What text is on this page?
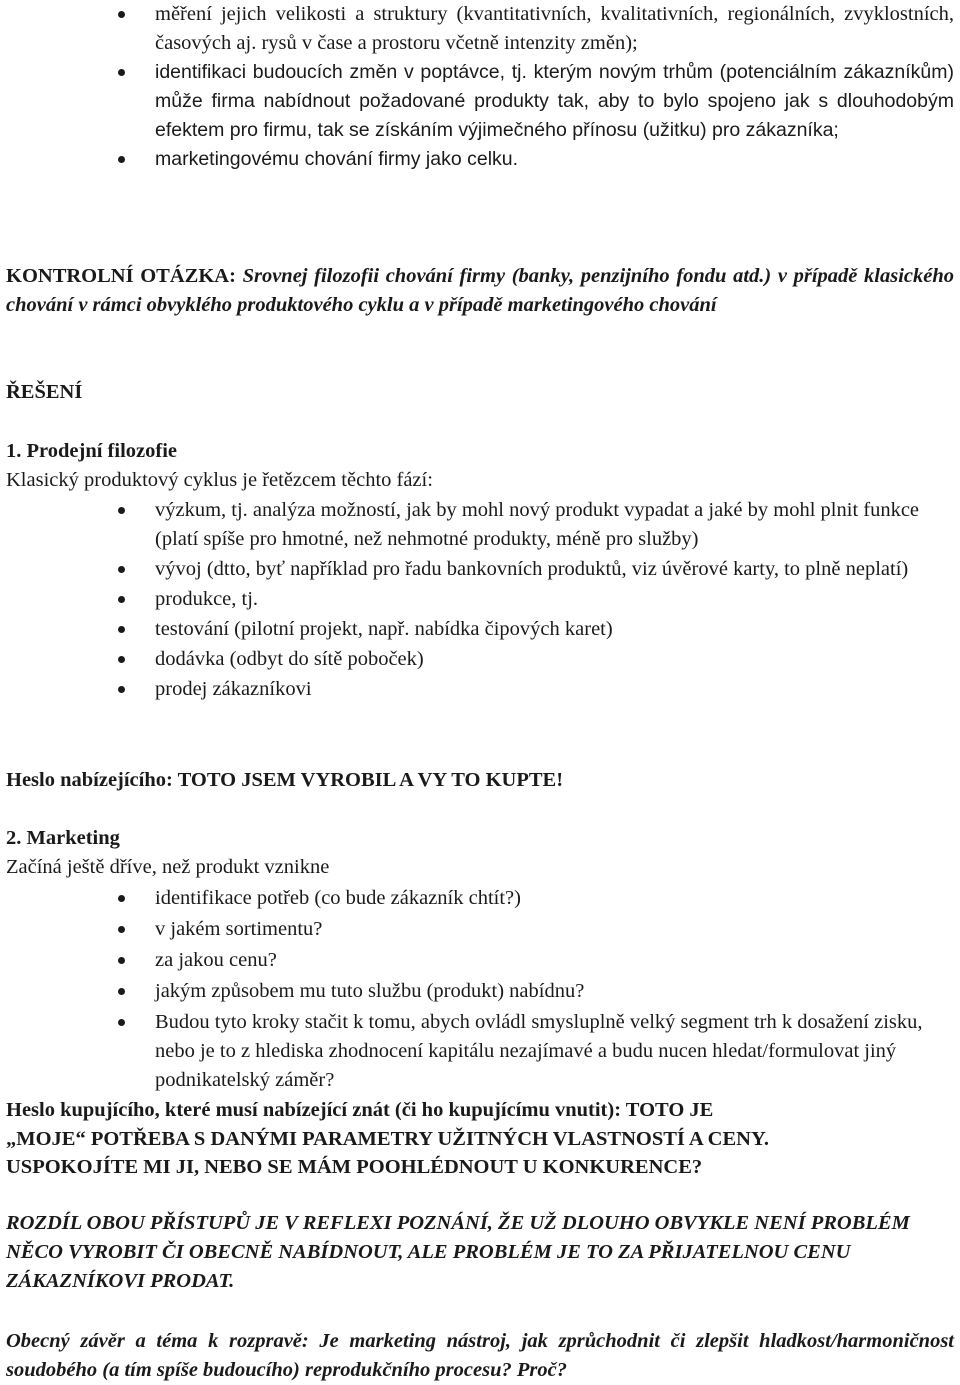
měření jejich velikosti a struktury (kvantitativních, kvalitativních, regionálních, zvyklostních, časových aj. rysů v čase a prostoru včetně intenzity změn);
identifikaci budoucích změn v poptávce, tj. kterým novým trhům (potenciálním zákazníkům) může firma nabídnout požadované produkty tak, aby to bylo spojeno jak s dlouhodobým efektem pro firmu, tak se získáním výjimečného přínosu (užitku) pro zákazníka;
marketingovému chování firmy jako celku.
KONTROLNÍ OTÁZKA: Srovnej filozofii chování firmy (banky, penzijního fondu atd.) v případě klasického chování v rámci obvyklého produktového cyklu a v případě marketingového chování
ŘEŠENÍ
1. Prodejní filozofie
Klasický produktový cyklus je řetězcem těchto fází:
výzkum, tj. analýza možností, jak by mohl nový produkt vypadat a jaké by mohl plnit funkce (platí spíše pro hmotné, než nehmotné produkty, méně pro služby)
vývoj (dtto, byť například pro řadu bankovních produktů, viz úvěrové karty, to plně neplatí)
produkce, tj.
testování (pilotní projekt, např. nabídka čipových karet)
dodávka (odbyt do sítě poboček)
prodej zákazníkovi
Heslo nabízejícího: TOTO JSEM VYROBIL A VY TO KUPTE!
2. Marketing
Začíná ještě dříve, než produkt vznikne
identifikace potřeb (co bude zákazník chtít?)
v jakém sortimentu?
za jakou cenu?
jakým způsobem mu tuto službu (produkt) nabídnu?
Budou tyto kroky stačit k tomu, abych ovládl smysluplně velký segment trh k dosažení zisku, nebo je to z hlediska zhodnocení kapitálu nezajímavé a budu nucen hledat/formulovat jiný podnikatelský záměr?
Heslo kupujícího, které musí nabízející znát (či ho kupujícímu vnutit): TOTO JE
„MOJE“ POTŘEBA S DANÝMI PARAMETRY UŽITNÝCH VLASTNOSTÍ A CENY.
USPOKOJÍTE MI JI, NEBO SE MÁM POOHLÉDNOUT U KONKURENCE?
ROZDÍL OBOU PŘÍSTUPŮ JE V REFLEXI POZNÁNÍ, ŽE UŽ DLOUHO OBVYKLE NENÍ PROBLÉM NĚCO VYROBIT ČI OBECNĚ NABÍDNOUT, ALE PROBLÉM JE TO ZA PŘIJATELNOU CENU ZÁKAZNÍKOVI PRODAT.
Obecný závěr a téma k rozpravě: Je marketing nástroj, jak zprůchodnit či zlepšit hladkost/harmoničnost soudobého (a tím spíše budoucího) reprodukčního procesu? Proč?
